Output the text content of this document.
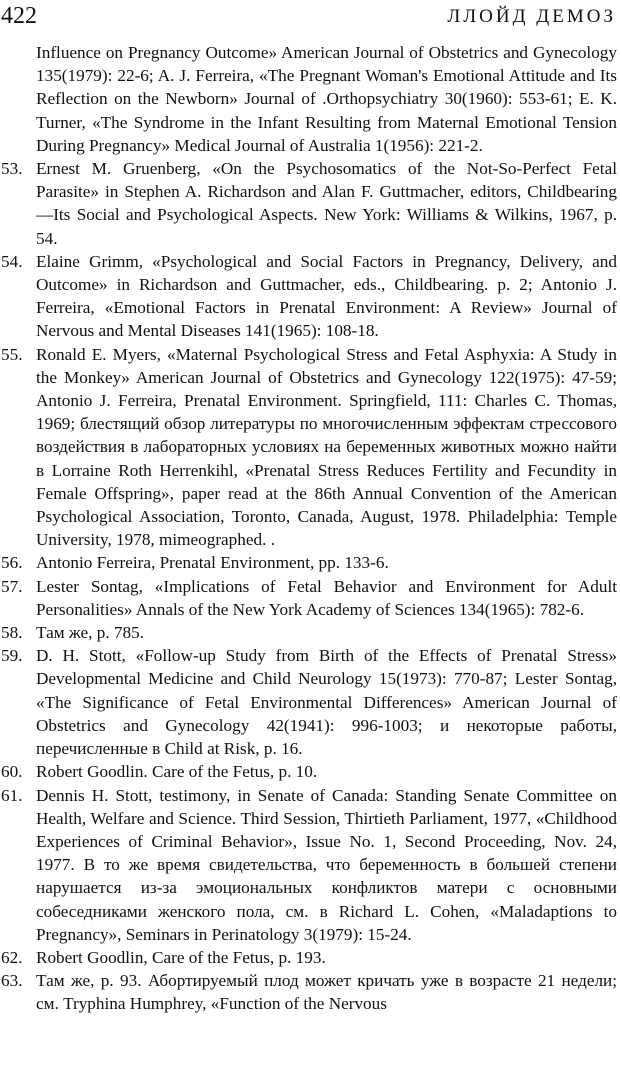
422	ЛЛОЙД ДЕМОЗ
Influence on Pregnancy Outcome» American Journal of Obstetrics and Gynecology 135(1979): 22-6; A. J. Ferreira, «The Pregnant Woman's Emotional Attitude and Its Reflection on the Newborn» Journal of .Orthopsychiatry 30(1960): 553-61; E. K. Turner, «The Syndrome in the Infant Resulting from Maternal Emotional Tension During Pregnancy» Medical Journal of Australia 1(1956): 221-2.
53. Ernest M. Gruenberg, «On the Psychosomatics of the Not-So-Perfect Fetal Parasite» in Stephen A. Richardson and Alan F. Guttmacher, editors, Childbearing—Its Social and Psychological Aspects. New York: Williams & Wilkins, 1967, p. 54.
54. Elaine Grimm, «Psychological and Social Factors in Pregnancy, Delivery, and Outcome» in Richardson and Guttmacher, eds., Childbearing. p. 2; Antonio J. Ferreira, «Emotional Factors in Prenatal Environment: A Review» Journal of Nervous and Mental Diseases 141(1965): 108-18.
55. Ronald E. Myers, «Maternal Psychological Stress and Fetal Asphyxia: A Study in the Monkey» American Journal of Obstetrics and Gynecology 122(1975): 47-59; Antonio J. Ferreira, Prenatal Environment. Springfield, 111: Charles C. Thomas, 1969; блестящий обзор литературы по многочисленным эффектам стрессового воздействия в лабораторных условиях на беременных животных можно найти в Lorraine Roth Herrenkihl, «Prenatal Stress Reduces Fertility and Fecundity in Female Offspring», paper read at the 86th Annual Convention of the American Psychological Association, Toronto, Canada, August, 1978. Philadelphia: Temple University, 1978, mimeographed. .
56. Antonio Ferreira, Prenatal Environment, pp. 133-6.
57. Lester Sontag, «Implications of Fetal Behavior and Environment for Adult Personalities» Annals of the New York Academy of Sciences 134(1965): 782-6.
58. Там же, p. 785.
59. D. H. Stott, «Follow-up Study from Birth of the Effects of Prenatal Stress» Developmental Medicine and Child Neurology 15(1973): 770-87; Lester Sontag, «The Significance of Fetal Environmental Differences» American Journal of Obstetrics and Gynecology 42(1941): 996-1003; и некоторые работы, перечисленные в Child at Risk, p. 16.
60. Robert Goodlin. Care of the Fetus, p. 10.
61. Dennis H. Stott, testimony, in Senate of Canada: Standing Senate Committee on Health, Welfare and Science. Third Session, Thirtieth Parliament, 1977, «Childhood Experiences of Criminal Behavior», Issue No. 1, Second Proceeding, Nov. 24, 1977. В то же время свидетельства, что беременность в большей степени нарушается из-за эмоциональных конфликтов матери с основными собеседниками женского пола, см. в Richard L. Cohen, «Maladaptions to Pregnancy», Seminars in Perinatology 3(1979): 15-24.
62. Robert Goodlin, Care of the Fetus, p. 193.
63. Там же, p. 93. Абортируемый плод может кричать уже в возрасте 21 недели; см. Tryphina Humphrey, «Function of the Nervous
